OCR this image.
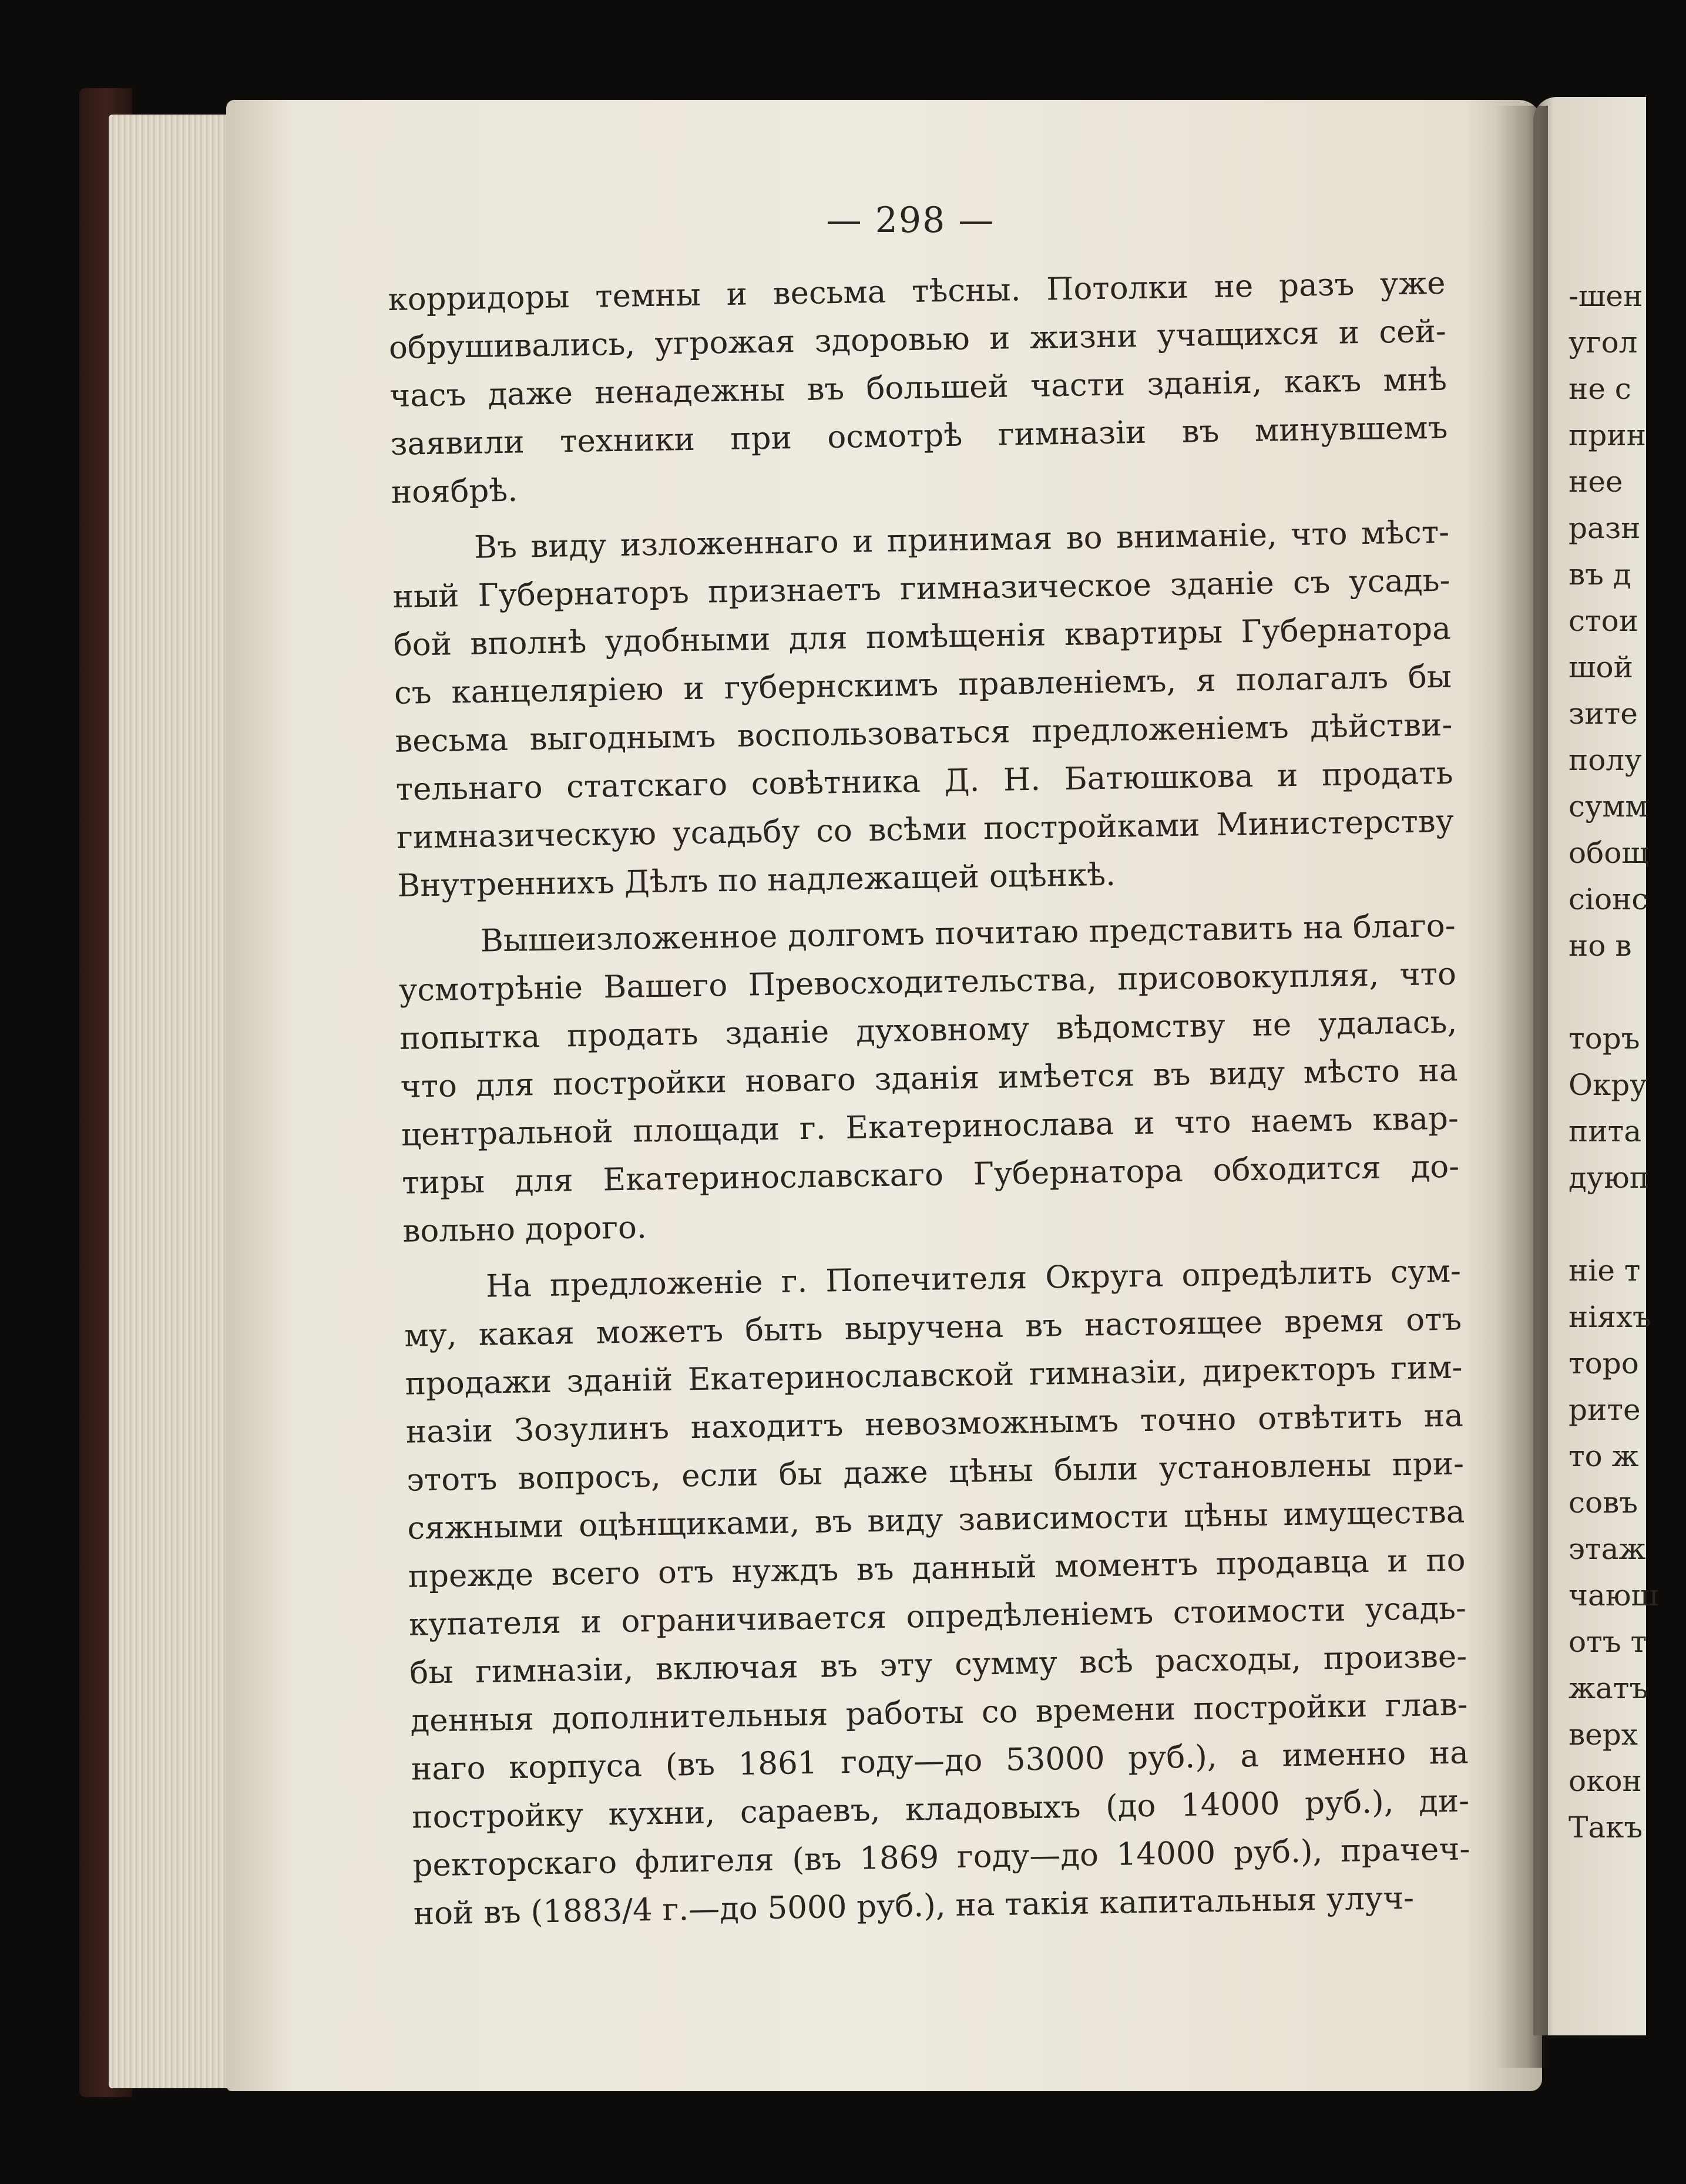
-шен
угол
не с
прин
нее
разн
въ д
стои
шой
зите
полу
сумм
обощ
сіонс
но в
торъ
Окру
пита
дуюп
ніе т
ніяхъ
торо
рите
то ж
совъ
этаж
чаюш
отъ т
жатъ
верх
окон
Такъ
— 298 —
корридоры темны и весьма тѣсны. Потолки не разъ уже
обрушивались, угрожая здоровью и жизни учащихся и сей-
часъ даже ненадежны въ большей части зданія, какъ мнѣ
заявили техники при осмотрѣ гимназіи въ минувшемъ
ноябрѣ.
Въ виду изложеннаго и принимая во вниманіе, что мѣст-
ный Губернаторъ признаетъ гимназическое зданіе съ усадь-
бой вполнѣ удобными для помѣщенія квартиры Губернатора
съ канцеляріею и губернскимъ правленіемъ, я полагалъ бы
весьма выгоднымъ воспользоваться предложеніемъ дѣйстви-
тельнаго статскаго совѣтника Д. Н. Батюшкова и продать
гимназическую усадьбу со всѣми постройками Министерству
Внутреннихъ Дѣлъ по надлежащей оцѣнкѣ.
Вышеизложенное долгомъ почитаю представить на благо-
усмотрѣніе Вашего Превосходительства, присовокупляя, что
попытка продать зданіе духовному вѣдомству не удалась,
что для постройки новаго зданія имѣется въ виду мѣсто на
центральной площади г. Екатеринослава и что наемъ квар-
тиры для Екатеринославскаго Губернатора обходится до-
вольно дорого.
На предложеніе г. Попечителя Округа опредѣлить сум-
му, какая можетъ быть выручена въ настоящее время отъ
продажи зданій Екатеринославской гимназіи, директоръ гим-
назіи Зозулинъ находитъ невозможнымъ точно отвѣтить на
этотъ вопросъ, если бы даже цѣны были установлены при-
сяжными оцѣнщиками, въ виду зависимости цѣны имущества
прежде всего отъ нуждъ въ данный моментъ продавца и по
купателя и ограничивается опредѣленіемъ стоимости усадь-
бы гимназіи, включая въ эту сумму всѣ расходы, произве-
денныя дополнительныя работы со времени постройки глав-
наго корпуса (въ 1861 году—до 53000 руб.), а именно на
постройку кухни, сараевъ, кладовыхъ (до 14000 руб.), ди-
ректорскаго флигеля (въ 1869 году—до 14000 руб.), прачеч-
ной въ (1883/4 г.—до 5000 руб.), на такія капитальныя улуч-
